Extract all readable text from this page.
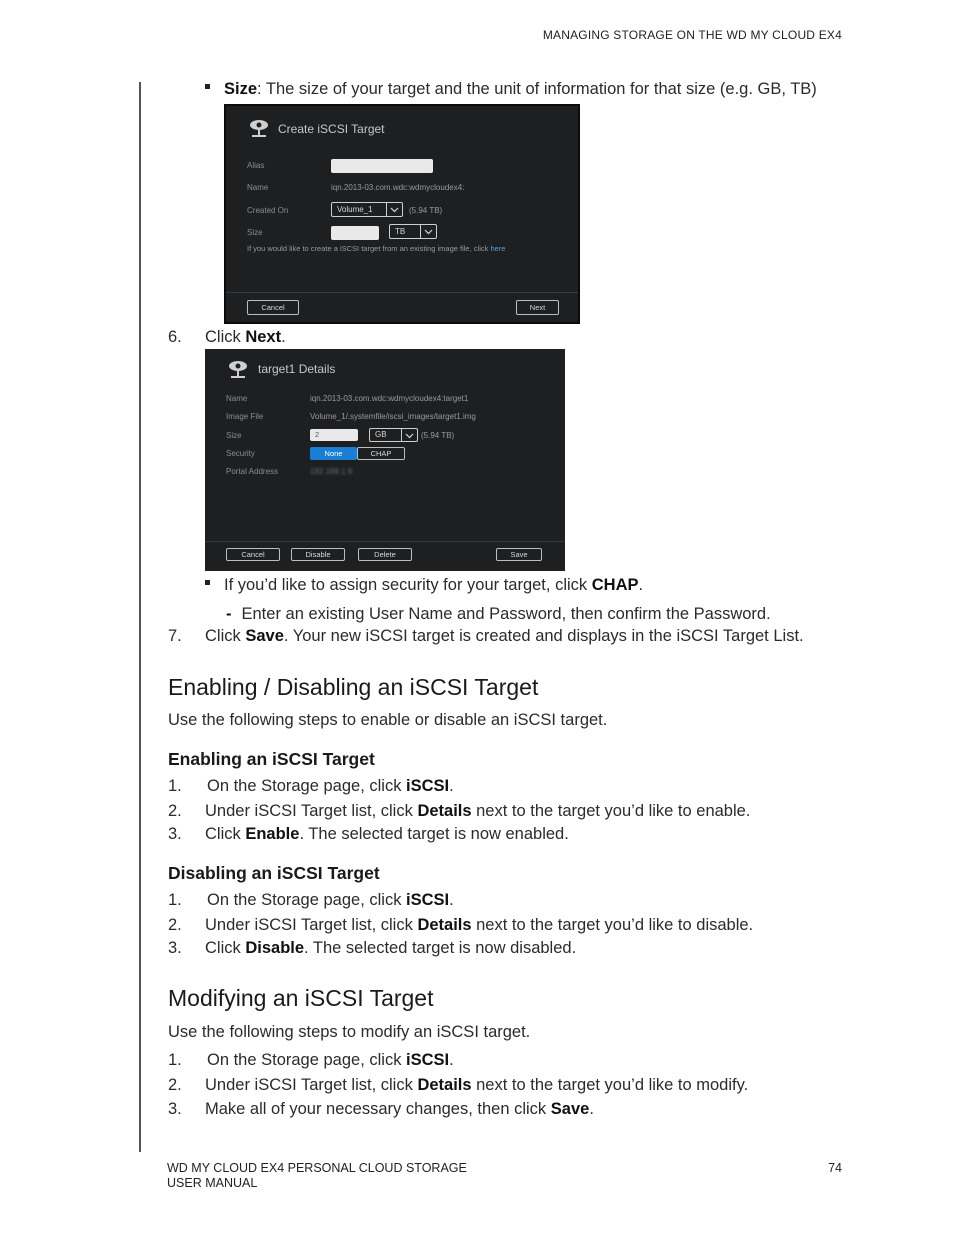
MANAGING STORAGE ON THE WD MY CLOUD EX4
Size: The size of your target and the unit of information for that size (e.g. GB, TB)
Create iSCSI Target
Alias
Name	iqn.2013-03.com.wdc:wdmycloudex4:
Created On	Volume_1	(5.94 TB)
Size	TB
If you would like to create a iSCSI target from an existing image file, click here
Cancel	Next
6. Click Next.
target1 Details
Name	iqn.2013-03.com.wdc:wdmycloudex4:target1
Image File	Volume_1/.systemfile/iscsi_images/target1.img
Size	2	GB	(5.94 TB)
Security	None	CHAP
Portal Address	192.168.1.6
Cancel	Disable	Delete	Save
If you’d like to assign security for your target, click CHAP.
- Enter an existing User Name and Password, then confirm the Password.
7. Click Save. Your new iSCSI target is created and displays in the iSCSI Target List.
Enabling / Disabling an iSCSI Target
Use the following steps to enable or disable an iSCSI target.
Enabling an iSCSI Target
1. On the Storage page, click iSCSI.
2. Under iSCSI Target list, click Details next to the target you’d like to enable.
3. Click Enable. The selected target is now enabled.
Disabling an iSCSI Target
1. On the Storage page, click iSCSI.
2. Under iSCSI Target list, click Details next to the target you’d like to disable.
3. Click Disable. The selected target is now disabled.
Modifying an iSCSI Target
Use the following steps to modify an iSCSI target.
1. On the Storage page, click iSCSI.
2. Under iSCSI Target list, click Details next to the target you’d like to modify.
3. Make all of your necessary changes, then click Save.
WD MY CLOUD EX4 PERSONAL CLOUD STORAGE
USER MANUAL
74
